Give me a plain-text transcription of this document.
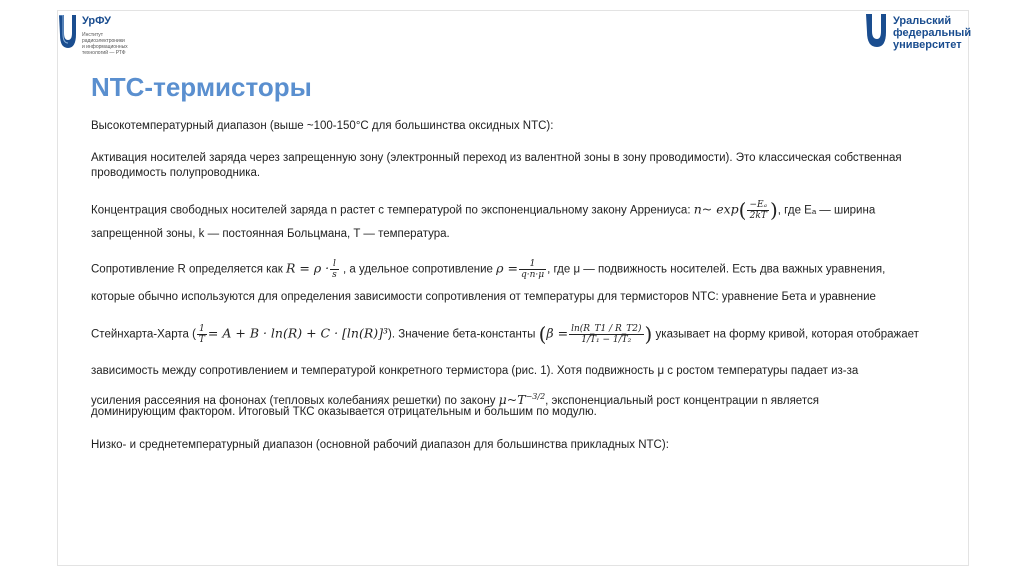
УрФУ
Институт
радиоэлектроники
и информационных
технологий — РТФ
Уральский
федеральный
университет
NTC-термисторы
Высокотемпературный диапазон (выше ~100-150°C для большинства оксидных NTC):
Активация носителей заряда через запрещенную зону (электронный переход из валентной зоны в зону проводимости). Это классическая собственная проводимость полупроводника.
Концентрация свободных носителей заряда n растет с температурой по экспоненциальному закону Аррениуса: n~ $\exp( \frac{\text{−Eₐ}}{2kT}$ ), где Eₐ — ширина
запрещенной зоны, k — постоянная Больцмана, T — температура.
Сопротивление R определяется как $R = \rho \cdot \frac{l}{s}$ , а удельное сопротивление $\rho = \frac{1}{q\cdot n\cdot\mu}$ , где μ — подвижность носителей. Есть два важных уравнения,
которые обычно используются для определения зависимости сопротивления от температуры для термисторов NTC: уравнение Бета и уравнение
Стейнхарта-Харта ( $\frac{1}{T} = A + B \cdot \ln(R) + C \cdot [\ln(R)]^3$). Значение бета-константы ($\beta = \frac{\ln(R\_T1 / R\_T2)}{\text{1/T₁ − 1/T₂}}$ ) указывает на форму кривой, которая отображает
зависимость между сопротивлением и температурой конкретного термистора (рис. 1). Хотя подвижность μ с ростом температуры падает из-за
усиления рассеяния на фононах (тепловых колебаниях решетки) по закону $\mu\sim T^{-3/2}$, экспоненциальный рост концентрации n является
доминирующим фактором. Итоговый ТКС оказывается отрицательным и большим по модулю.
Низко- и среднетемпературный диапазон (основной рабочий диапазон для большинства прикладных NTC):
